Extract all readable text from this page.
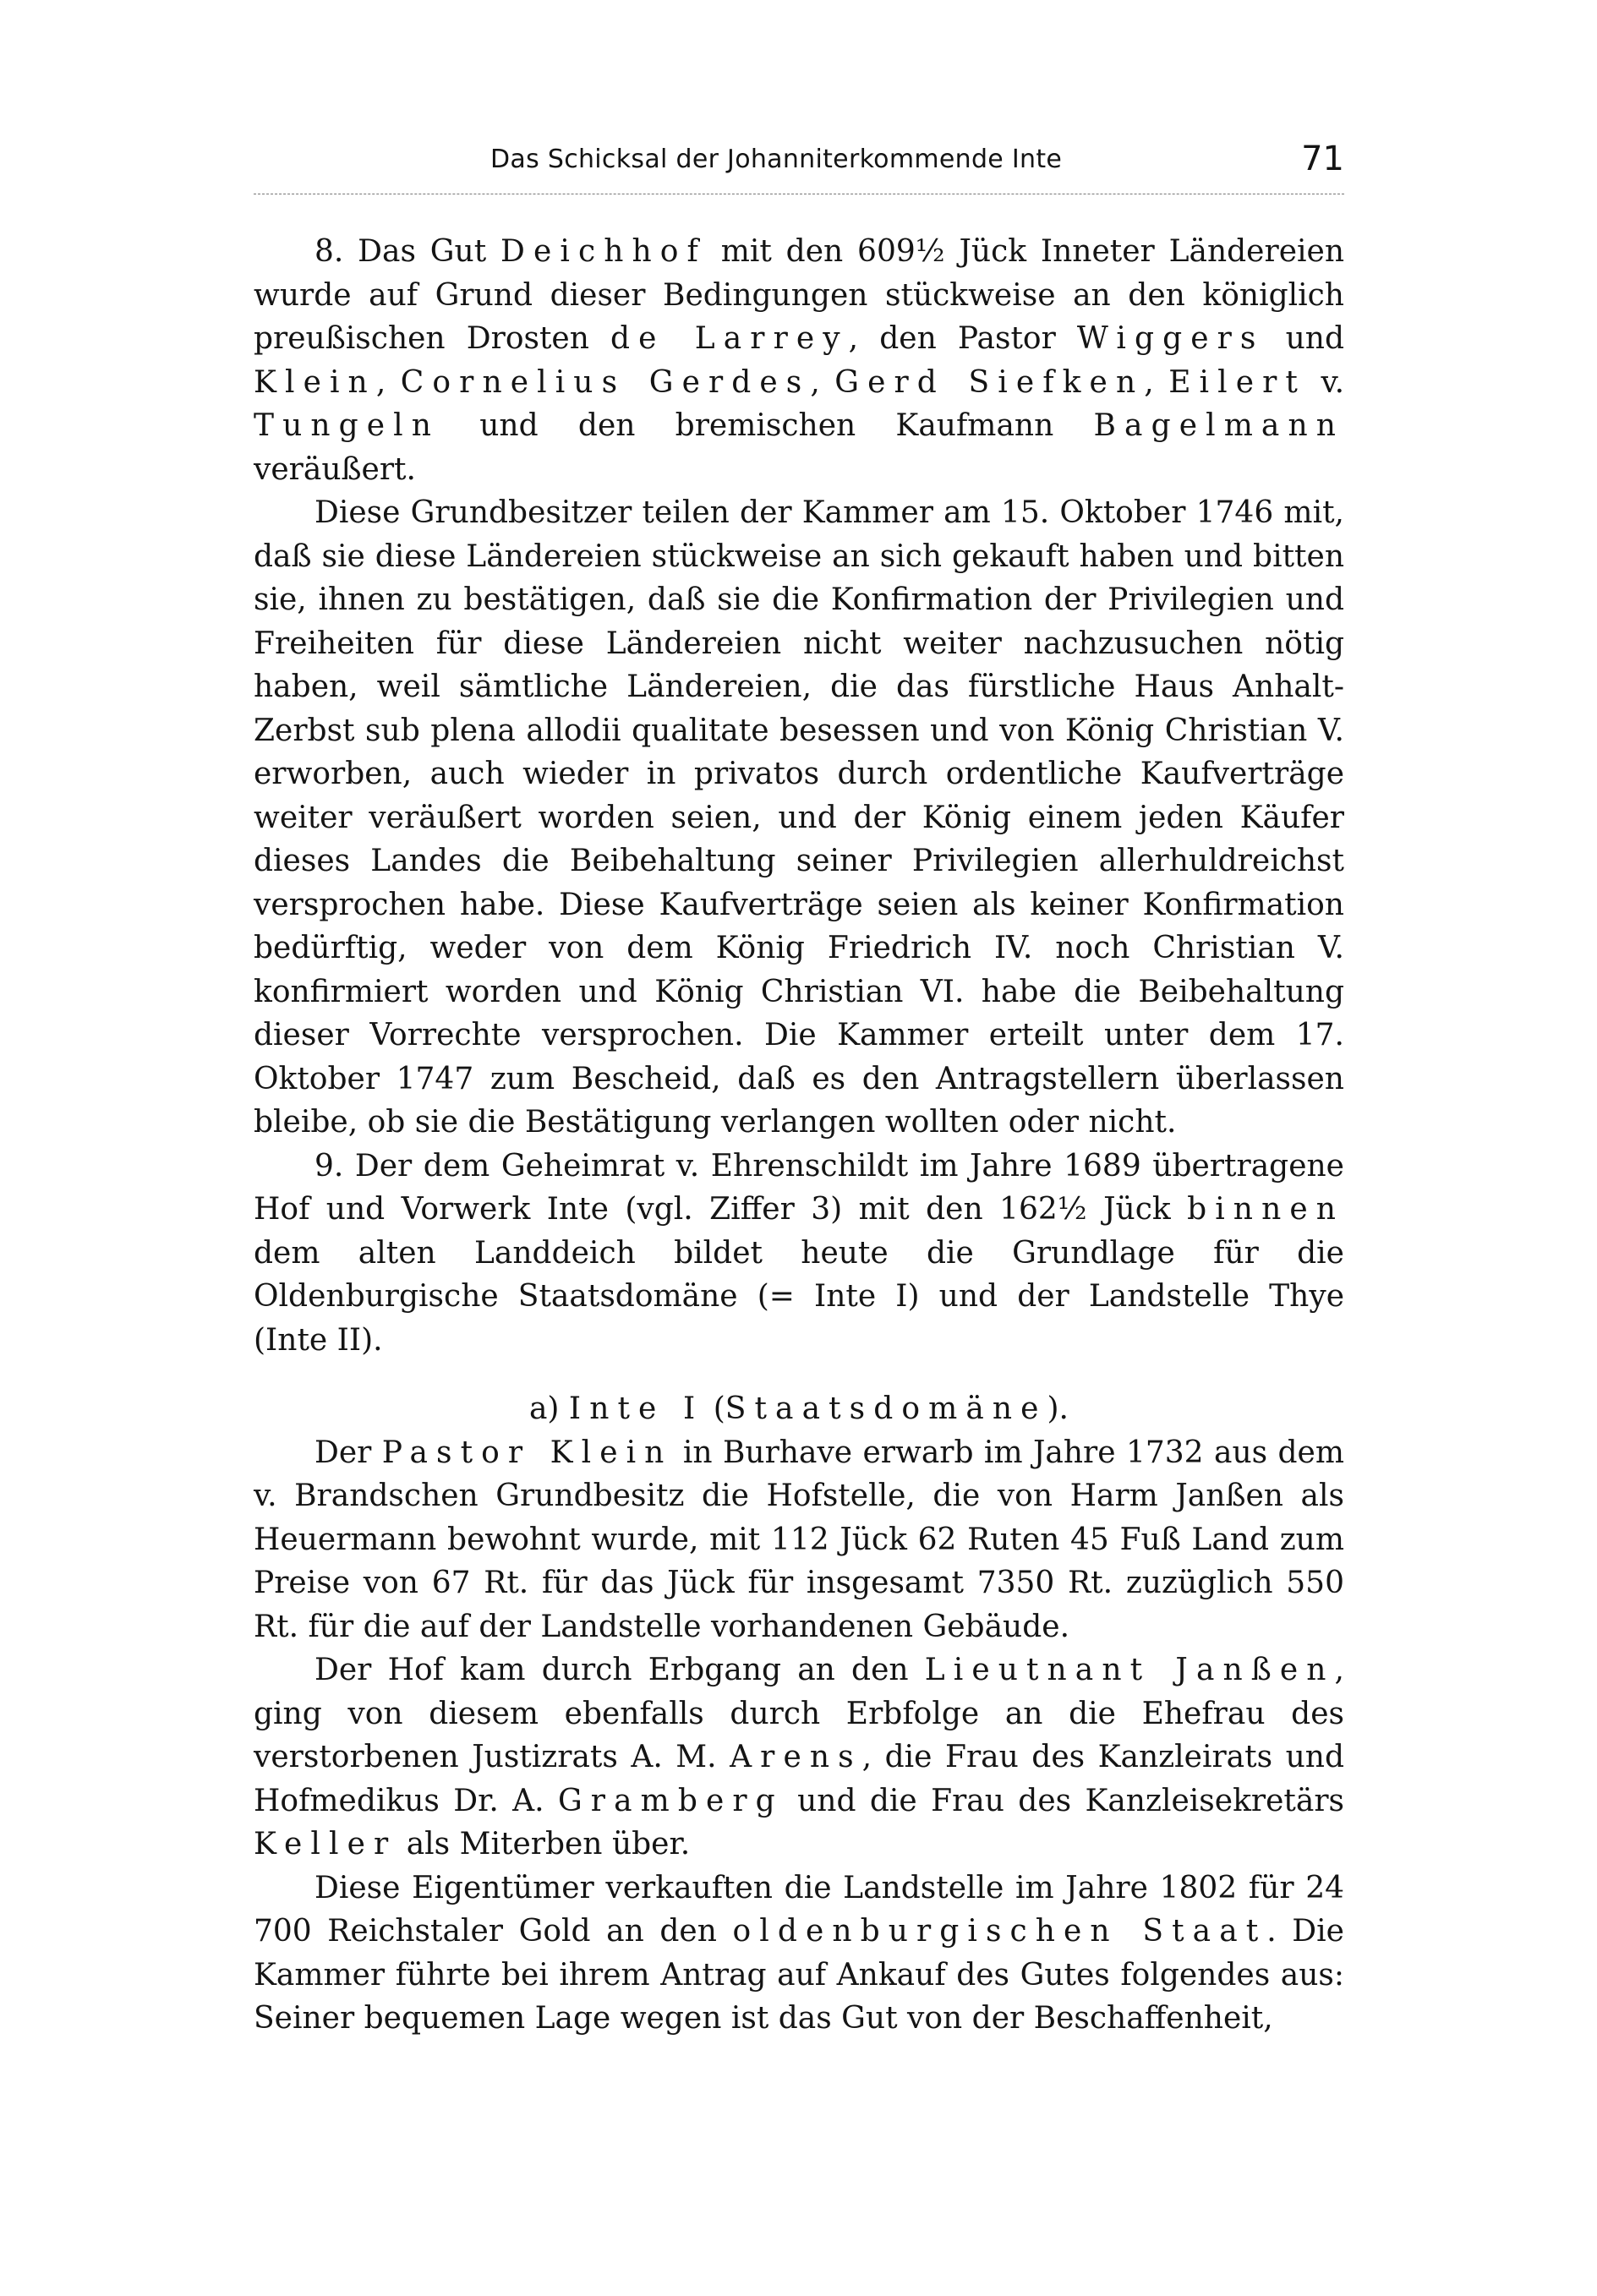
Das Schicksal der Johanniterkommende Inte	71

8. Das Gut Deichhof mit den 609½ Jück Inneter Ländereien wurde auf Grund dieser Bedingungen stückweise an den königlich preußischen Drosten de Larrey, den Pastor Wiggers und Klein, Cornelius Gerdes, Gerd Siefken, Eilert v. Tungeln und den bremischen Kaufmann Bagelmann veräußert.

Diese Grundbesitzer teilen der Kammer am 15. Oktober 1746 mit, daß sie diese Ländereien stückweise an sich gekauft haben und bitten sie, ihnen zu bestätigen, daß sie die Konfirmation der Privilegien und Freiheiten für diese Ländereien nicht weiter nachzusuchen nötig haben, weil sämtliche Ländereien, die das fürstliche Haus Anhalt-Zerbst sub plena allodii qualitate besessen und von König Christian V. erworben, auch wieder in privatos durch ordentliche Kaufverträge weiter veräußert worden seien, und der König einem jeden Käufer dieses Landes die Beibehaltung seiner Privilegien allerhuldreichst versprochen habe. Diese Kaufverträge seien als keiner Konfirmation bedürftig, weder von dem König Friedrich IV. noch Christian V. konfirmiert worden und König Christian VI. habe die Beibehaltung dieser Vorrechte versprochen. Die Kammer erteilt unter dem 17. Oktober 1747 zum Bescheid, daß es den Antragstellern überlassen bleibe, ob sie die Bestätigung verlangen wollten oder nicht.

9. Der dem Geheimrat v. Ehrenschildt im Jahre 1689 übertragene Hof und Vorwerk Inte (vgl. Ziffer 3) mit den 162½ Jück binnen dem alten Landdeich bildet heute die Grundlage für die Oldenburgische Staatsdomäne (= Inte I) und der Landstelle Thye (Inte II).

a) Inte I (Staatsdomäne).

Der Pastor Klein in Burhave erwarb im Jahre 1732 aus dem v. Brandschen Grundbesitz die Hofstelle, die von Harm Janßen als Heuermann bewohnt wurde, mit 112 Jück 62 Ruten 45 Fuß Land zum Preise von 67 Rt. für das Jück für insgesamt 7350 Rt. zuzüglich 550 Rt. für die auf der Landstelle vorhandenen Gebäude.

Der Hof kam durch Erbgang an den Lieutnant Janßen, ging von diesem ebenfalls durch Erbfolge an die Ehefrau des verstorbenen Justizrats A. M. Arens, die Frau des Kanzleirats und Hofmedikus Dr. A. Gramberg und die Frau des Kanzleisekretärs Keller als Miterben über.

Diese Eigentümer verkauften die Landstelle im Jahre 1802 für 24 700 Reichstaler Gold an den oldenburgischen Staat. Die Kammer führte bei ihrem Antrag auf Ankauf des Gutes folgendes aus: Seiner bequemen Lage wegen ist das Gut von der Beschaffenheit,
